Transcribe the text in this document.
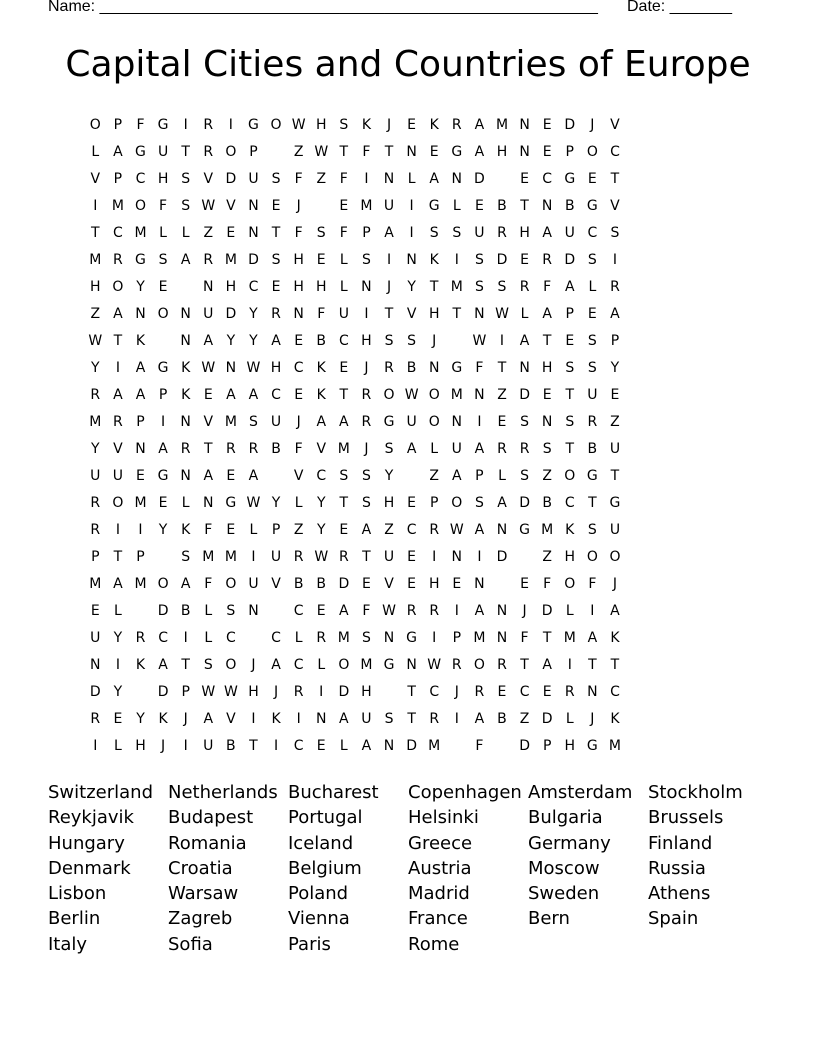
Name: ________________________________________________________ Date: _______
Capital Cities and Countries of Europe
O P	F G	I	R	I	G O W H S K	J	E K R A M N E D	J	V
L A G U T R O P	Z W T	F	T N E G A H N E P O C
V P C H S V D U S	F Z F	I	N L A N D	E C G E T
I	M O F	S W V N E	J	E M U	I	G L	E B T N B G V
T C M L	L Z E N T	F	S	F	P A	I	S S U R H A U C S
M R G S A R M D S H E	L	S	I	N K	I	S D E R D S	I
H O Y E	N H C E H H L N	J	Y	T M S S R F A L R
Z A N O N U D Y R N F U	I	T V H T N W L A P E A
W T K	N A Y	Y A E B C H S S	J	W I	A T E S P
Y	I	A G K W N W H C K E	J	R B N G F	T N H S S Y
R A A P K E A A C E K T R O W O M N Z D E T U E
M R P	I	N V M S U	J	A A R G U O N	I	E S N S R Z
Y V N A R T R R B F V M	J	S A L U A R R S T B U
U U E G N A E A	V C S S Y	Z A P	L	S Z O G T
R O M E	L N G W Y	L	Y	T S H E P O S A D B C T G
R	I	I	Y K F	E	L	P Z Y E A Z C R W A N G M K S U
P	T	P	S M M	I	U R W R T U E	I	N	I	D	Z H O O
M A M O A F O U V B B D E V E H E N	E	F O F	J
E	L	D B L	S N	C E A F W R R	I	A N	J	D L	I	A
U Y R C	I	L C	C L R M S N G	I	P M N F	T M A K
N	I	K A T S O	J	A C L O M G N W R O R T A	I	T	T
D Y	D P W W H	J	R	I	D H	T C	J	R E C E R N C
R E Y K	J	A V	I	K	I	N A U S T R	I	A B Z D L	J	K
I	L H	J	I	U B T	I	C E	L A N D M	F	D P H G M
Switzerland Netherlands Bucharest	Copenhagen Amsterdam Stockholm
Reykjavik	Budapest	Portugal	Helsinki	Bulgaria	Brussels
Hungary	Romania	Iceland	Greece	Germany	Finland
Denmark	Croatia	Belgium	Austria	Moscow	Russia
Lisbon	Warsaw	Poland	Madrid	Sweden	Athens
Berlin	Zagreb	Vienna	France	Bern	Spain
Italy	Sofia	Paris	Rome
